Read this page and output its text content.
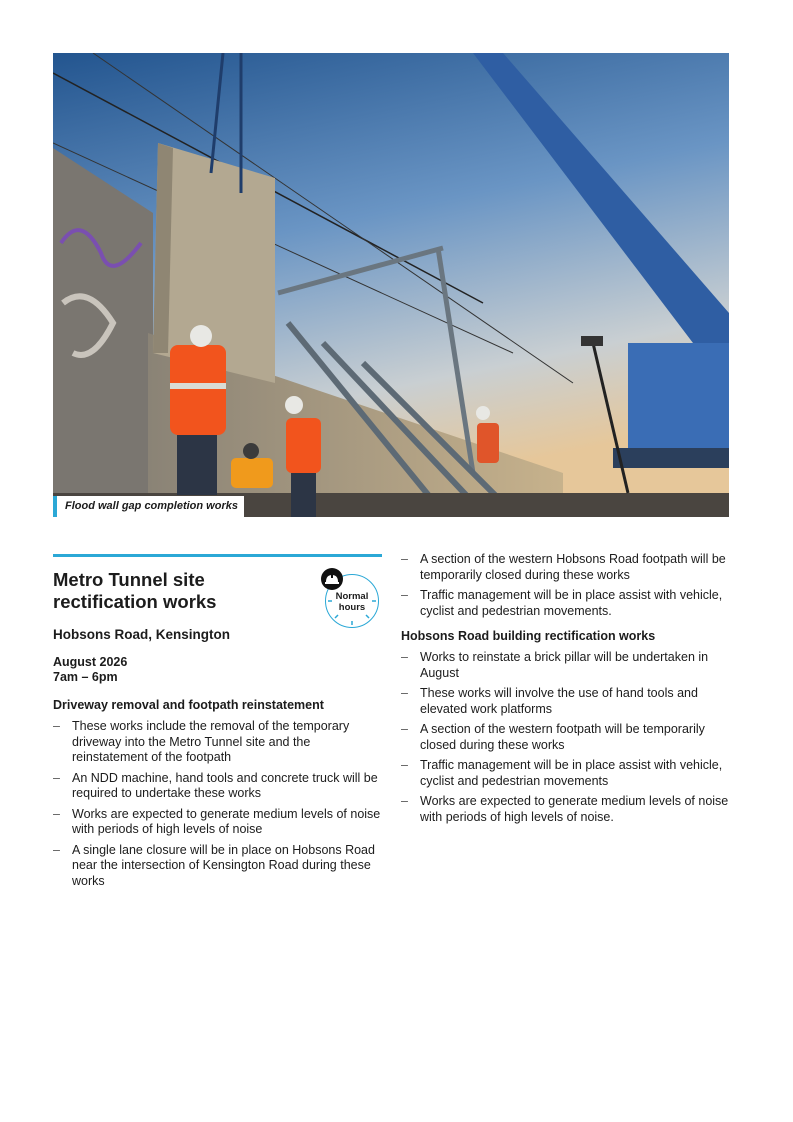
Flood wall gap completion works
Metro Tunnel site rectification works	Normal hours
Hobsons Road, Kensington
August 2026
7am – 6pm
Driveway removal and footpath reinstatement
– These works include the removal of the temporary driveway into the Metro Tunnel site and the reinstatement of the footpath
– An NDD machine, hand tools and concrete truck will be required to undertake these works
– Works are expected to generate medium levels of noise with periods of high levels of noise
– A single lane closure will be in place on Hobsons Road near the intersection of Kensington Road during these works
– A section of the western Hobsons Road footpath will be temporarily closed during these works
– Traffic management will be in place assist with vehicle, cyclist and pedestrian movements.
Hobsons Road building rectification works
– Works to reinstate a brick pillar will be undertaken in August
– These works will involve the use of hand tools and elevated work platforms
– A section of the western footpath will be temporarily closed during these works
– Traffic management will be in place assist with vehicle, cyclist and pedestrian movements
– Works are expected to generate medium levels of noise with periods of high levels of noise.
